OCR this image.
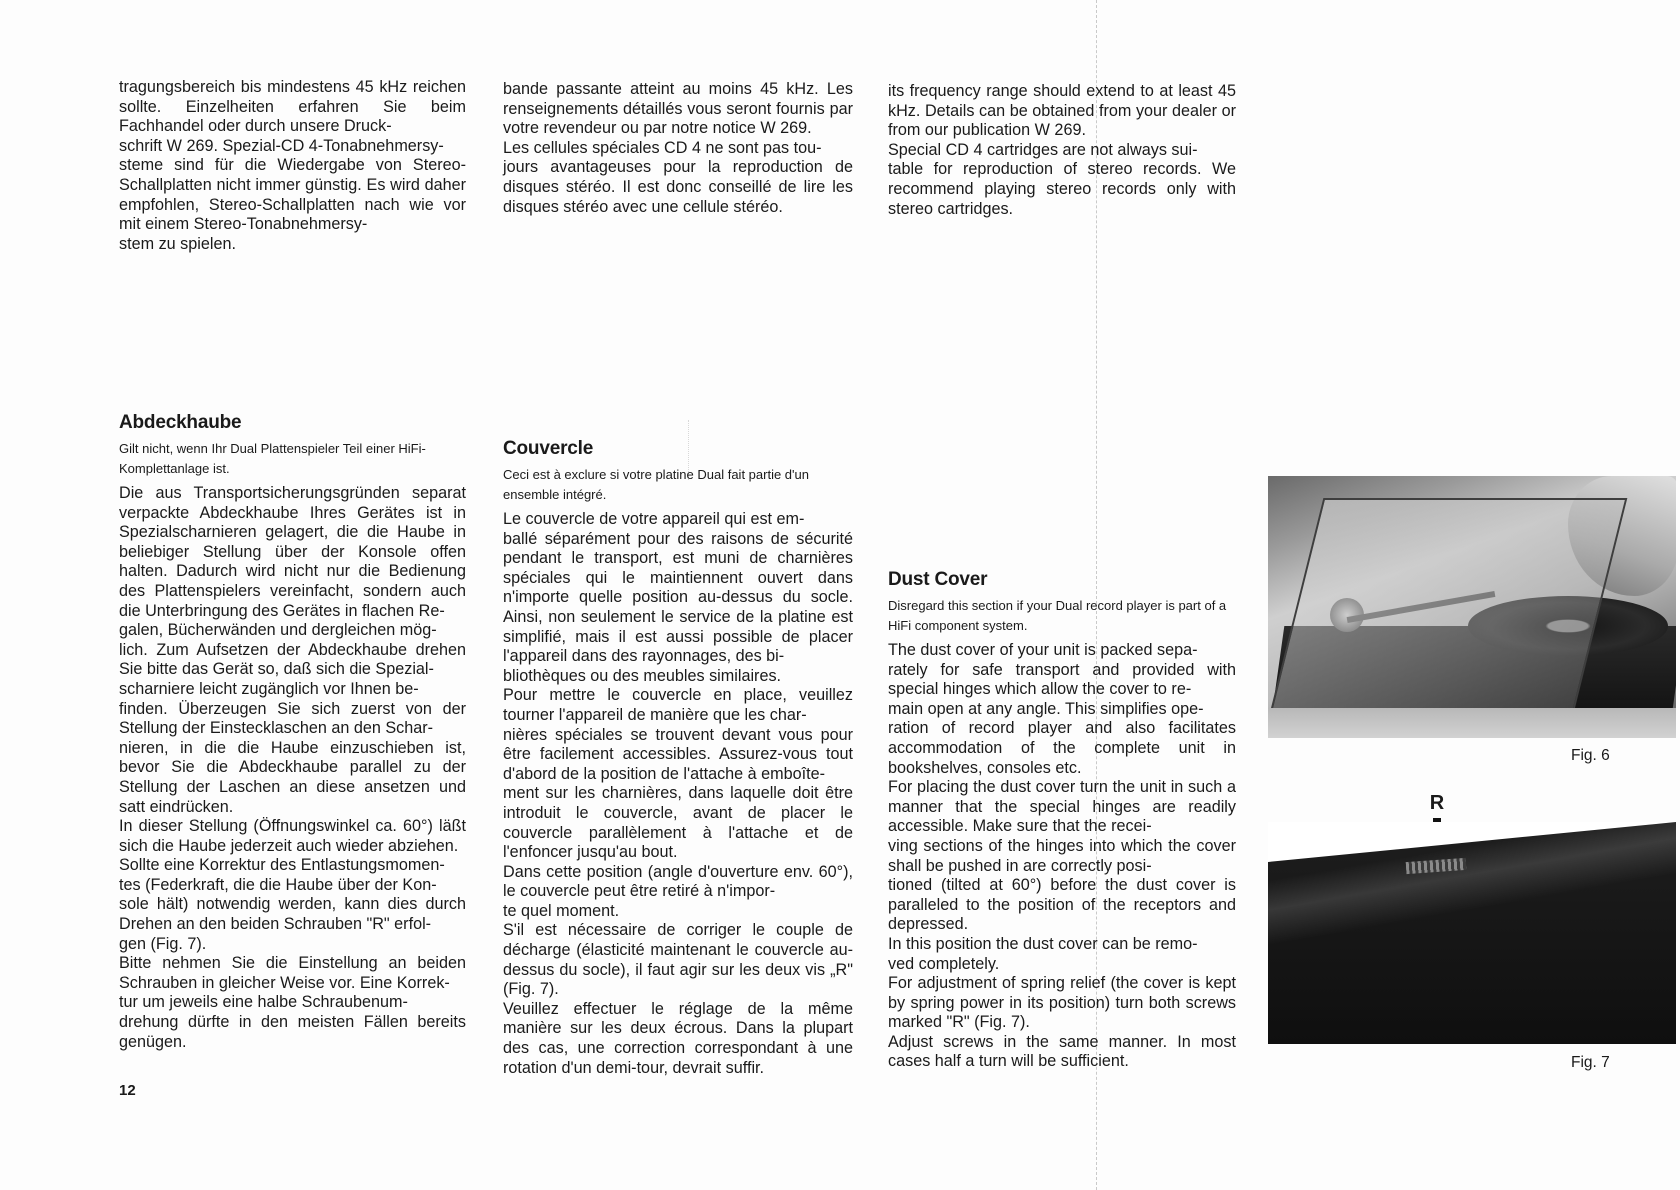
tragungsbereich bis mindestens 45 kHz reichen sollte. Einzelheiten erfahren Sie beim Fachhandel oder durch unsere Druck-
schrift W 269. Spezial-CD 4-Tonabnehmersy-
steme sind für die Wiedergabe von Stereo-Schallplatten nicht immer günstig. Es wird daher empfohlen, Stereo-Schallplatten nach wie vor mit einem Stereo-Tonabnehmersy-
stem zu spielen.

bande passante atteint au moins 45 kHz. Les renseignements détaillés vous seront fournis par votre revendeur ou par notre notice W 269.

Les cellules spéciales CD 4 ne sont pas tou-
jours avantageuses pour la reproduction de disques stéréo. Il est donc conseillé de lire les disques stéréo avec une cellule stéréo.

its frequency range should extend to at least 45 kHz. Details can be obtained from your dealer or from our publication W 269.

Special CD 4 cartridges are not always sui-
table for reproduction of stereo records. We recommend playing stereo records only with stereo cartridges.

Abdeckhaube

Gilt nicht, wenn Ihr Dual Plattenspieler Teil einer HiFi-Komplettanlage ist.

Die aus Transportsicherungsgründen separat verpackte Abdeckhaube Ihres Gerätes ist in Spezialscharnieren gelagert, die die Haube in beliebiger Stellung über der Konsole offen halten. Dadurch wird nicht nur die Bedienung des Plattenspielers vereinfacht, sondern auch die Unterbringung des Gerätes in flachen Re-
galen, Bücherwänden und dergleichen mög-
lich. Zum Aufsetzen der Abdeckhaube drehen Sie bitte das Gerät so, daß sich die Spezial-
scharniere leicht zugänglich vor Ihnen be-
finden. Überzeugen Sie sich zuerst von der Stellung der Einstecklaschen an den Schar-
nieren, in die die Haube einzuschieben ist, bevor Sie die Abdeckhaube parallel zu der Stellung der Laschen an diese ansetzen und satt eindrücken.

In dieser Stellung (Öffnungswinkel ca. 60°) läßt sich die Haube jederzeit auch wieder abziehen.

Sollte eine Korrektur des Entlastungsmomen-
tes (Federkraft, die die Haube über der Kon-
sole hält) notwendig werden, kann dies durch Drehen an den beiden Schrauben "R" erfol-
gen (Fig. 7).

Bitte nehmen Sie die Einstellung an beiden Schrauben in gleicher Weise vor. Eine Korrek-
tur um jeweils eine halbe Schraubenum-
drehung dürfte in den meisten Fällen bereits genügen.

Couvercle

Ceci est à exclure si votre platine Dual fait partie d'un ensemble intégré.

Le couvercle de votre appareil qui est em-
ballé séparément pour des raisons de sécurité pendant le transport, est muni de charnières spéciales qui le maintiennent ouvert dans n'importe quelle position au-dessus du socle. Ainsi, non seulement le service de la platine est simplifié, mais il est aussi possible de placer l'appareil dans des rayonnages, des bi-
bliothèques ou des meubles similaires.

Pour mettre le couvercle en place, veuillez tourner l'appareil de manière que les char-
nières spéciales se trouvent devant vous pour être facilement accessibles. Assurez-vous tout d'abord de la position de l'attache à emboîte-
ment sur les charnières, dans laquelle doit être introduit le couvercle, avant de placer le couvercle parallèlement à l'attache et de l'enfoncer jusqu'au bout.

Dans cette position (angle d'ouverture env. 60°), le couvercle peut être retiré à n'impor-
te quel moment.

S'il est nécessaire de corriger le couple de décharge (élasticité maintenant le couvercle au-dessus du socle), il faut agir sur les deux vis „R" (Fig. 7).

Veuillez effectuer le réglage de la même manière sur les deux écrous. Dans la plupart des cas, une correction correspondant à une rotation d'un demi-tour, devrait suffir.

Dust Cover

Disregard this section if your Dual record player is part of a HiFi component system.

The dust cover of your unit is packed sepa-
rately for safe transport and provided with special hinges which allow the cover to re-
main open at any angle. This simplifies ope-
ration of record player and also facilitates accommodation of the complete unit in bookshelves, consoles etc.

For placing the dust cover turn the unit in such a manner that the special hinges are readily accessible. Make sure that the recei-
ving sections of the hinges into which the cover shall be pushed in are correctly posi-
tioned (tilted at 60°) before the dust cover is paralleled to the position of the receptors and depressed.

In this position the dust cover can be remo-
ved completely.

For adjustment of spring relief (the cover is kept by spring power in its position) turn both screws marked "R" (Fig. 7).

Adjust screws in the same manner. In most cases half a turn will be sufficient.

Fig. 6
R
Fig. 7
12
